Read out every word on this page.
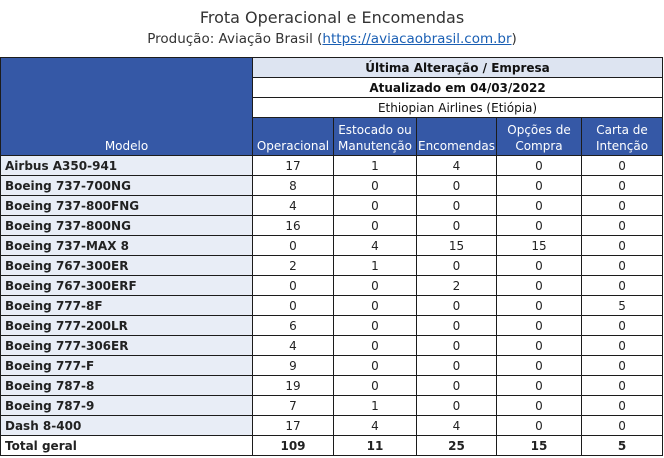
Frota Operacional e Encomendas
Produção: Aviação Brasil (https://aviacaobrasil.com.br)
Modelo	Última Alteração / Empresa				
	Atualizado em 04/03/2022				
	Ethiopian Airlines (Etiópia)				
	Operacional	Estocado ou Manutenção	Encomendas	Opções de Compra	Carta de Intenção
Airbus A350-941	17	1	4	0	0
Boeing 737-700NG	8	0	0	0	0
Boeing 737-800FNG	4	0	0	0	0
Boeing 737-800NG	16	0	0	0	0
Boeing 737-MAX 8	0	4	15	15	0
Boeing 767-300ER	2	1	0	0	0
Boeing 767-300ERF	0	0	2	0	0
Boeing 777-8F	0	0	0	0	5
Boeing 777-200LR	6	0	0	0	0
Boeing 777-306ER	4	0	0	0	0
Boeing 777-F	9	0	0	0	0
Boeing 787-8	19	0	0	0	0
Boeing 787-9	7	1	0	0	0
Dash 8-400	17	4	4	0	0
Total geral	109	11	25	15	5
